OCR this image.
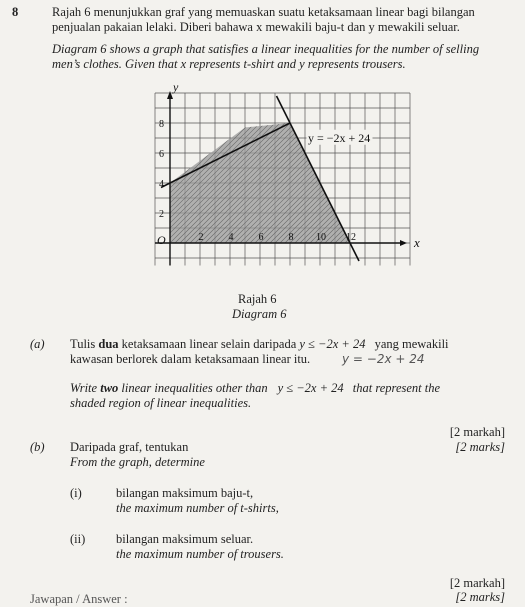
8	Rajah 6 menunjukkan graf yang memuaskan suatu ketaksamaan linear bagi bilangan
penjualan pakaian lelaki. Diberi bahawa x mewakili baju-t dan y mewakili seluar.
Diagram 6 shows a graph that satisfies a linear inequalities for the number of selling
men’s clothes. Given that x represents t-shirt and y represents trousers.
2	4	6	8 10 12
2
4
6
8
y = −2x + 24
x
y
O
Rajah 6
Diagram 6
(a) Tulis dua ketaksamaan linear selain daripada y ≤ −2x + 24 yang mewakili
kawasan berlorek dalam ketaksamaan linear itu.	y = −2x + 24
Write two linear inequalities other than y ≤ −2x + 24 that represent the
shaded region of linear inequalities.
[2 markah]
[2 marks]
(b) Daripada graf, tentukan
From the graph, determine
(i)	bilangan maksimum baju-t,
the maximum number of t-shirts,
(ii) bilangan maksimum seluar.
the maximum number of trousers.
[2 markah]
[2 marks]
Jawapan / Answer :
